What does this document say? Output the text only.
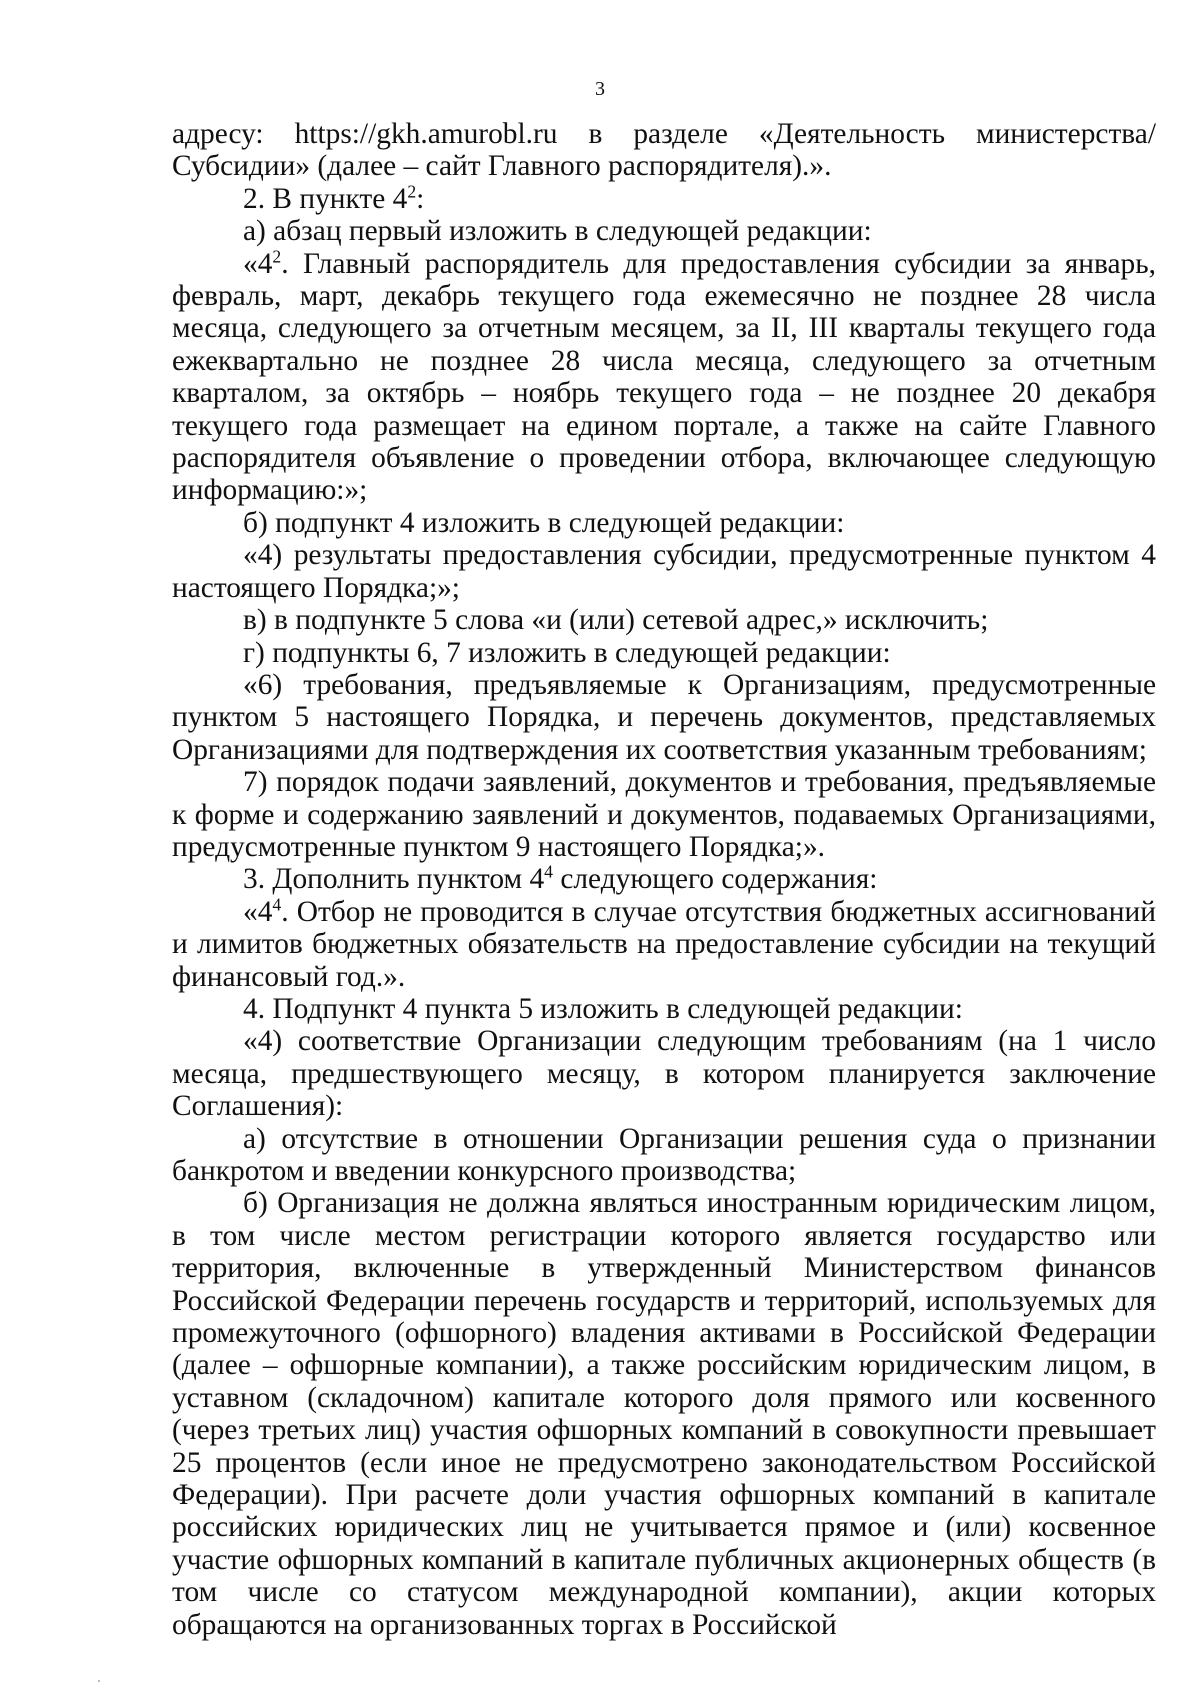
3

адресу: https://gkh.amurobl.ru в разделе «Деятельность министерства/Субсидии» (далее – сайт Главного распорядителя).».

2. В пункте $4^2$:

а) абзац первый изложить в следующей редакции:

«$4^2$. Главный распорядитель для предоставления субсидии за январь, февраль, март, декабрь текущего года ежемесячно не позднее 28 числа месяца, следующего за отчетным месяцем, за II, III кварталы текущего года ежеквартально не позднее 28 числа месяца, следующего за отчетным кварталом, за октябрь – ноябрь текущего года – не позднее 20 декабря текущего года размещает на едином портале, а также на сайте Главного распорядителя объявление о проведении отбора, включающее следующую информацию:»;

б) подпункт 4 изложить в следующей редакции:

«4) результаты предоставления субсидии, предусмотренные пунктом 4 настоящего Порядка;»;

в) в подпункте 5 слова «и (или) сетевой адрес,» исключить;

г) подпункты 6, 7 изложить в следующей редакции:

«6) требования, предъявляемые к Организациям, предусмотренные пунктом 5 настоящего Порядка, и перечень документов, представляемых Организациями для подтверждения их соответствия указанным требованиям;

7) порядок подачи заявлений, документов и требования, предъявляемые к форме и содержанию заявлений и документов, подаваемых Организациями, предусмотренные пунктом 9 настоящего Порядка;».

3. Дополнить пунктом $4^4$ следующего содержания:

«$4^4$. Отбор не проводится в случае отсутствия бюджетных ассигнований и лимитов бюджетных обязательств на предоставление субсидии на текущий финансовый год.».

4. Подпункт 4 пункта 5 изложить в следующей редакции:

«4) соответствие Организации следующим требованиям (на 1 число месяца, предшествующего месяцу, в котором планируется заключение Соглашения):

а) отсутствие в отношении Организации решения суда о признании банкротом и введении конкурсного производства;

б) Организация не должна являться иностранным юридическим лицом, в том числе местом регистрации которого является государство или территория, включенные в утвержденный Министерством финансов Российской Федерации перечень государств и территорий, используемых для промежуточного (офшорного) владения активами в Российской Федерации (далее – офшорные компании), а также российским юридическим лицом, в уставном (складочном) капитале которого доля прямого или косвенного (через третьих лиц) участия офшорных компаний в совокупности превышает 25 процентов (если иное не предусмотрено законодательством Российской Федерации). При расчете доли участия офшорных компаний в капитале российских юридических лиц не учитывается прямое и (или) косвенное участие офшорных компаний в капитале публичных акционерных обществ (в том числе со статусом международной компании), акции которых обращаются на организованных торгах в Российской
